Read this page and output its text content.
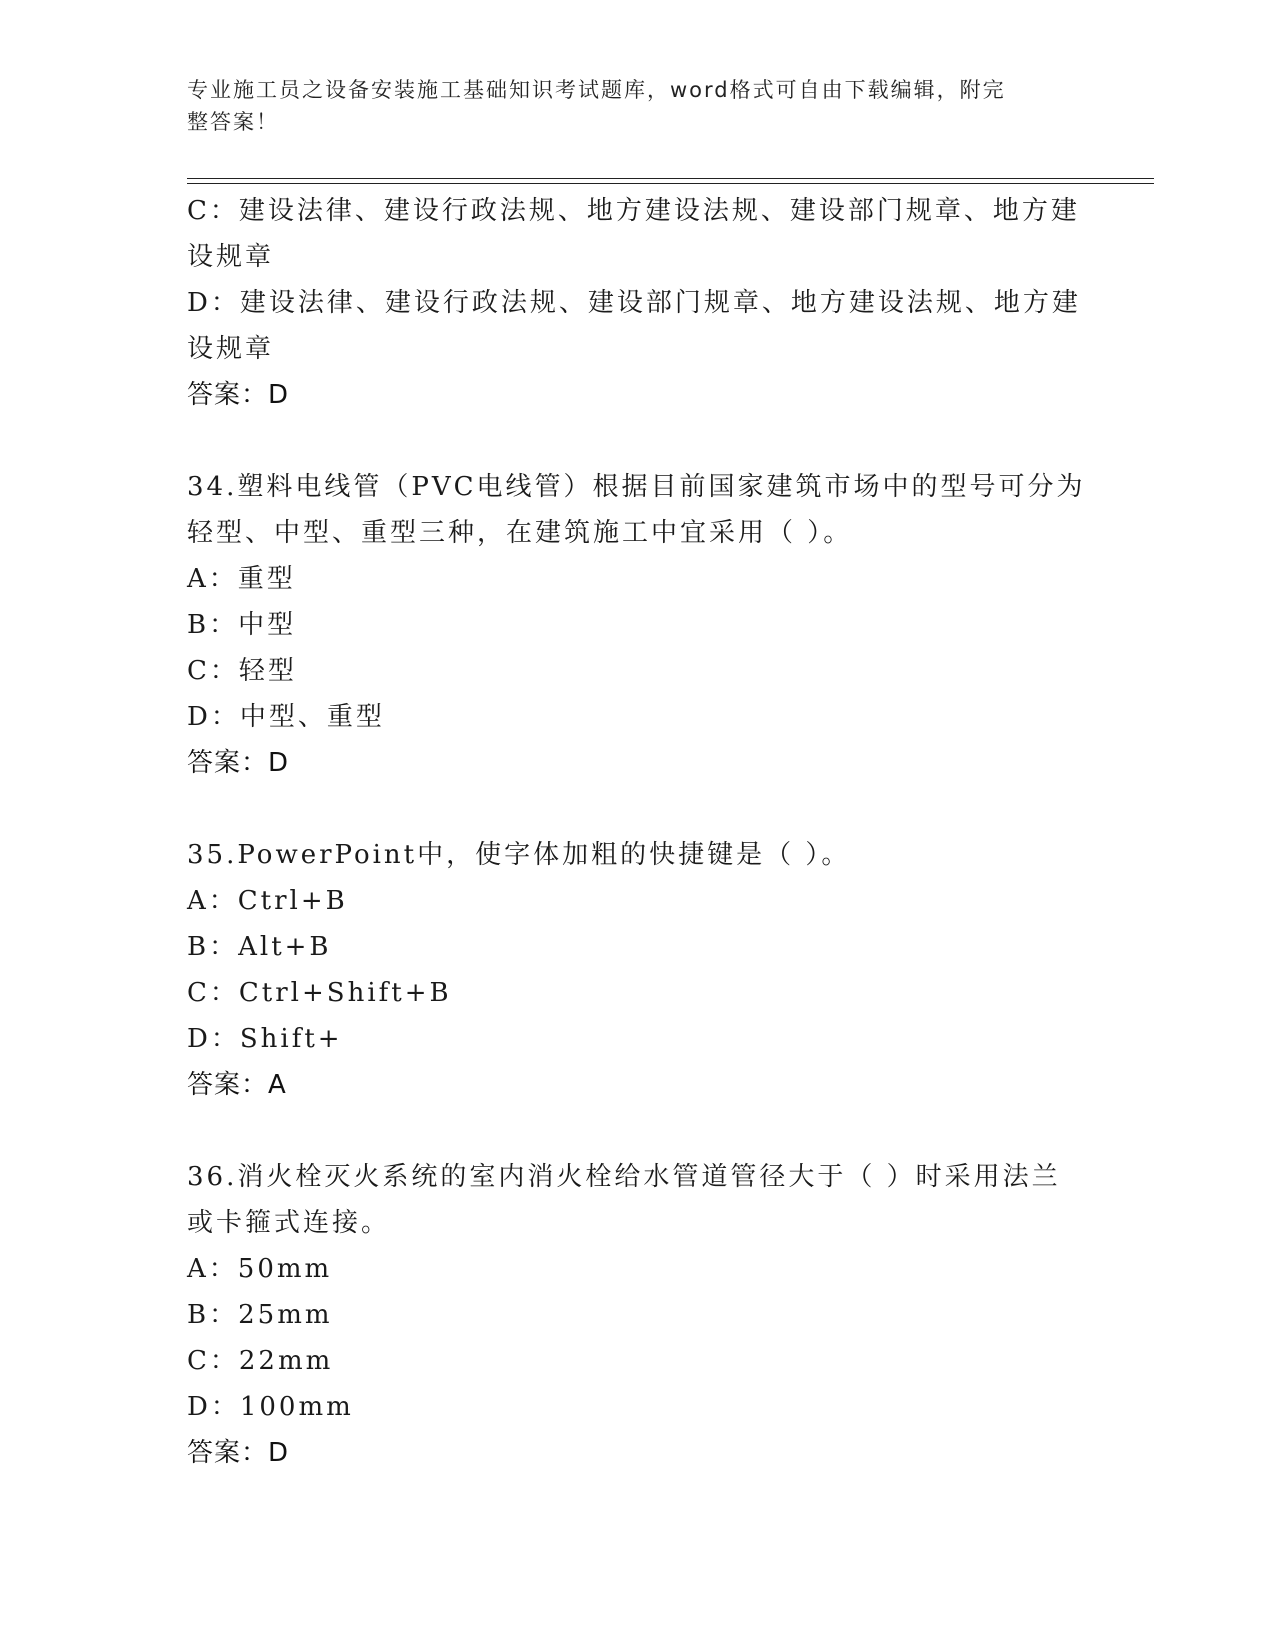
专业施工员之设备安装施工基础知识考试题库，word格式可自由下载编辑，附完
整答案！
C：建设法律、建设行政法规、地方建设法规、建设部门规章、地方建
设规章
D：建设法律、建设行政法规、建设部门规章、地方建设法规、地方建
设规章
答案：D
34.塑料电线管（PVC电线管）根据目前国家建筑市场中的型号可分为
轻型、中型、重型三种，在建筑施工中宜采用（ ）。
A：重型
B：中型
C：轻型
D：中型、重型
答案：D
35.PowerPoint中，使字体加粗的快捷键是（ ）。
A：Ctrl+B
B：Alt+B
C：Ctrl+Shift+B
D：Shift+
答案：A
36.消火栓灭火系统的室内消火栓给水管道管径大于（ ）时采用法兰
或卡箍式连接。
A：50mm
B：25mm
C：22mm
D：100mm
答案：D
